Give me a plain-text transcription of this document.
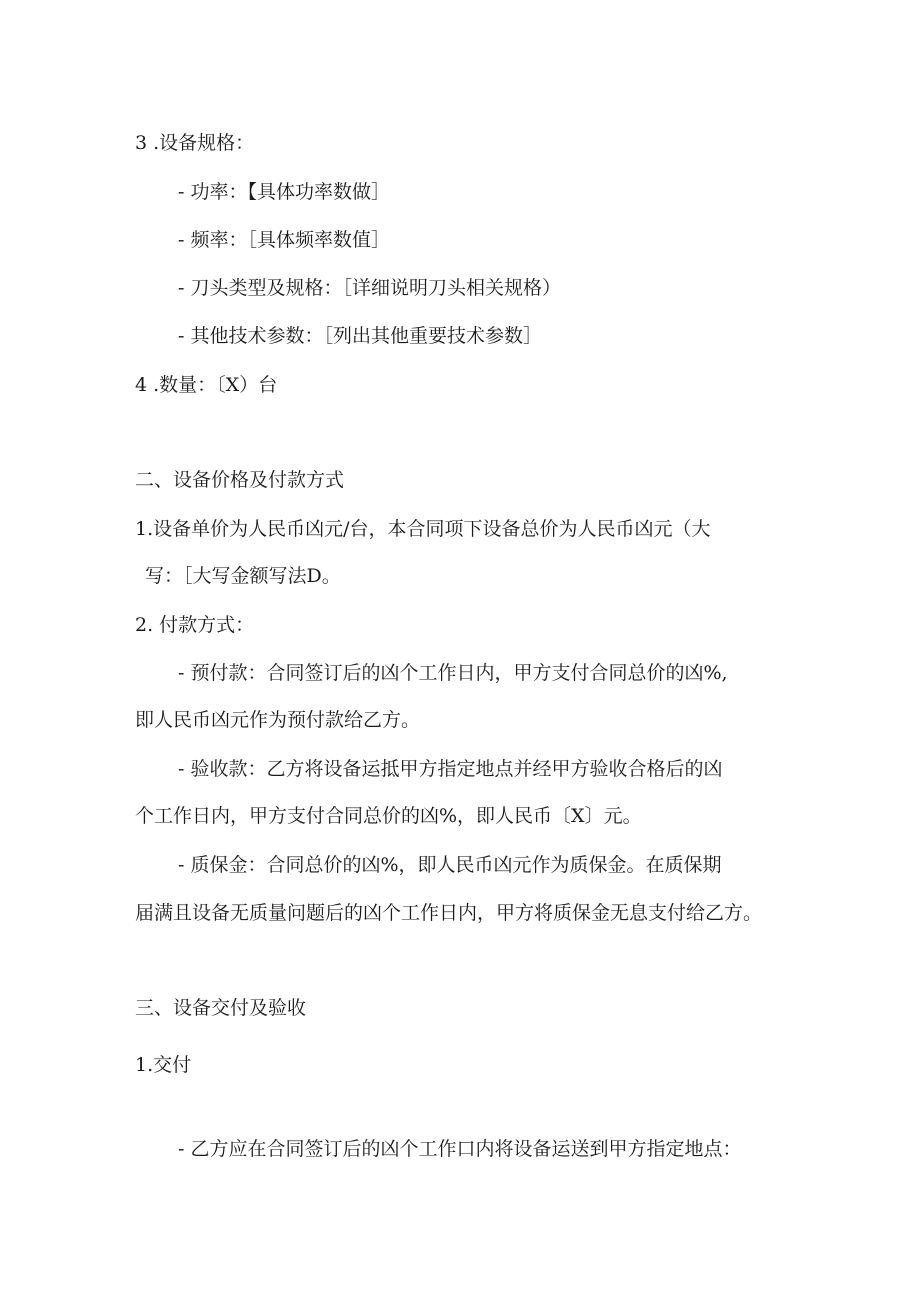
3 .设备规格：
- 功率：【具体功率数做］
- 频率：［具体频率数值］
- 刀头类型及规格：［详细说明刀头相关规格）
- 其他技术参数：［列出其他重要技术参数］
4 .数量：〔X）台
二、设备价格及付款方式
1.设备单价为人民币凶元/台，本合同项下设备总价为人民币凶元（大
写：［大写金额写法D。
2. 付款方式：
- 预付款：合同签订后的凶个工作日内，甲方支付合同总价的凶%,
即人民币凶元作为预付款给乙方。
- 验收款：乙方将设备运抵甲方指定地点并经甲方验收合格后的凶
个工作日内，甲方支付合同总价的凶%，即人民币〔X〕元。
- 质保金：合同总价的凶%，即人民币凶元作为质保金。在质保期
届满且设备无质量问题后的凶个工作日内，甲方将质保金无息支付给乙方。
三、设备交付及验收
1.交付
- 乙方应在合同签订后的凶个工作口内将设备运送到甲方指定地点：
